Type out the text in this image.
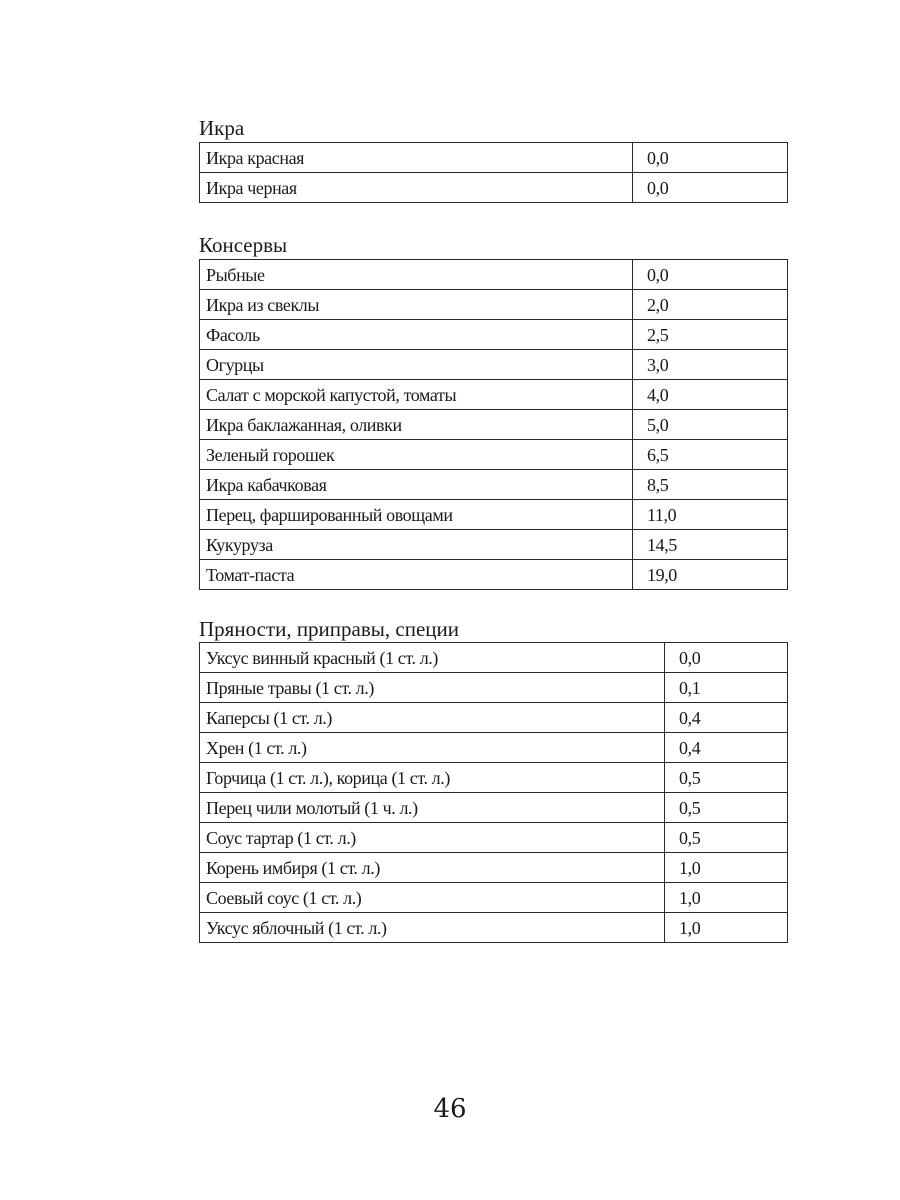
Икра
Икра красная	0,0
Икра черная	0,0
Консервы
Рыбные	0,0
Икра из свеклы	2,0
Фасоль	2,5
Огурцы	3,0
Салат с морской капустой, томаты	4,0
Икра баклажанная, оливки	5,0
Зеленый горошек	6,5
Икра кабачковая	8,5
Перец, фаршированный овощами	11,0
Кукуруза	14,5
Томат-паста	19,0
Пряности, приправы, специи
Уксус винный красный (1 ст. л.)	0,0
Пряные травы (1 ст. л.)	0,1
Каперсы (1 ст. л.)	0,4
Хрен (1 ст. л.)	0,4
Горчица (1 ст. л.), корица (1 ст. л.)	0,5
Перец чили молотый (1 ч. л.)	0,5
Соус тартар (1 ст. л.)	0,5
Корень имбиря (1 ст. л.)	1,0
Соевый соус (1 ст. л.)	1,0
Уксус яблочный (1 ст. л.)	1,0
46
